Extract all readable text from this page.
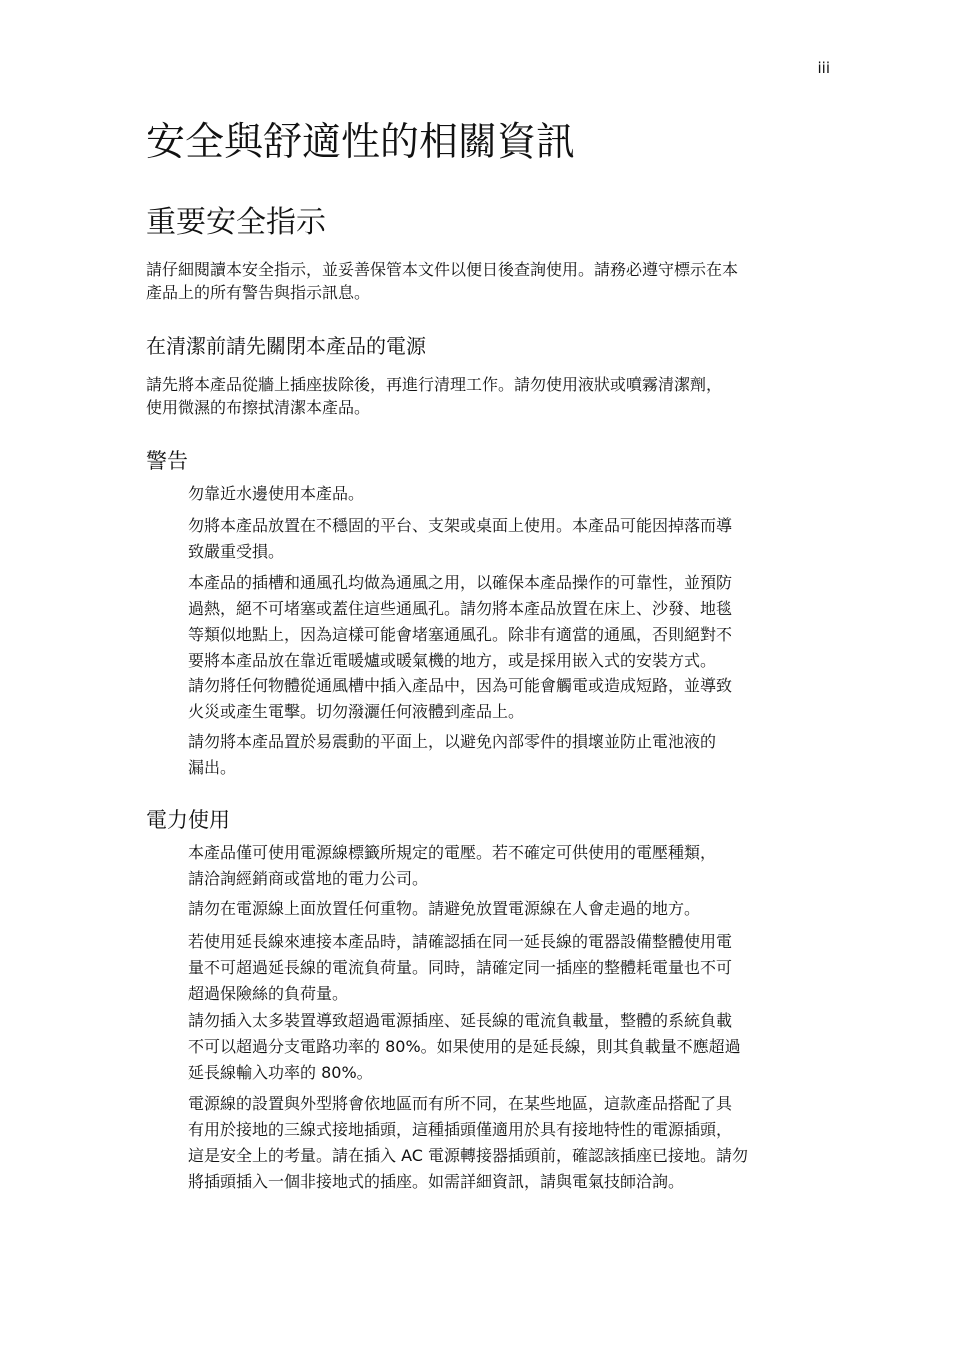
iii
安全與舒適性的相關資訊
重要安全指示
請仔細閱讀本安全指示，並妥善保管本文件以便日後查詢使用。請務必遵守標示在本
產品上的所有警告與指示訊息。
在清潔前請先關閉本產品的電源
請先將本產品從牆上插座拔除後，再進行清理工作。請勿使用液狀或噴霧清潔劑，
使用微濕的布擦拭清潔本產品。
警告
勿靠近水邊使用本產品。
勿將本產品放置在不穩固的平台、支架或桌面上使用。本產品可能因掉落而導
致嚴重受損。
本產品的插槽和通風孔均做為通風之用，以確保本產品操作的可靠性，並預防
過熱，絕不可堵塞或蓋住這些通風孔。請勿將本產品放置在床上、沙發、地毯
等類似地點上，因為這樣可能會堵塞通風孔。除非有適當的通風，否則絕對不
要將本產品放在靠近電暖爐或暖氣機的地方，或是採用嵌入式的安裝方式。
請勿將任何物體從通風槽中插入產品中，因為可能會觸電或造成短路，並導致
火災或產生電擊。切勿潑灑任何液體到產品上。
請勿將本產品置於易震動的平面上，以避免內部零件的損壞並防止電池液的
漏出。
電力使用
本產品僅可使用電源線標籤所規定的電壓。若不確定可供使用的電壓種類，
請洽詢經銷商或當地的電力公司。
請勿在電源線上面放置任何重物。請避免放置電源線在人會走過的地方。
若使用延長線來連接本產品時，請確認插在同一延長線的電器設備整體使用電
量不可超過延長線的電流負荷量。同時，請確定同一插座的整體耗電量也不可
超過保險絲的負荷量。
請勿插入太多裝置導致超過電源插座、延長線的電流負載量，整體的系統負載
不可以超過分支電路功率的 80%。如果使用的是延長線，則其負載量不應超過
延長線輸入功率的 80%。
電源線的設置與外型將會依地區而有所不同，在某些地區，這款產品搭配了具
有用於接地的三線式接地插頭，這種插頭僅適用於具有接地特性的電源插頭，
這是安全上的考量。請在插入 AC 電源轉接器插頭前，確認該插座已接地。請勿
將插頭插入一個非接地式的插座。如需詳細資訊，請與電氣技師洽詢。
